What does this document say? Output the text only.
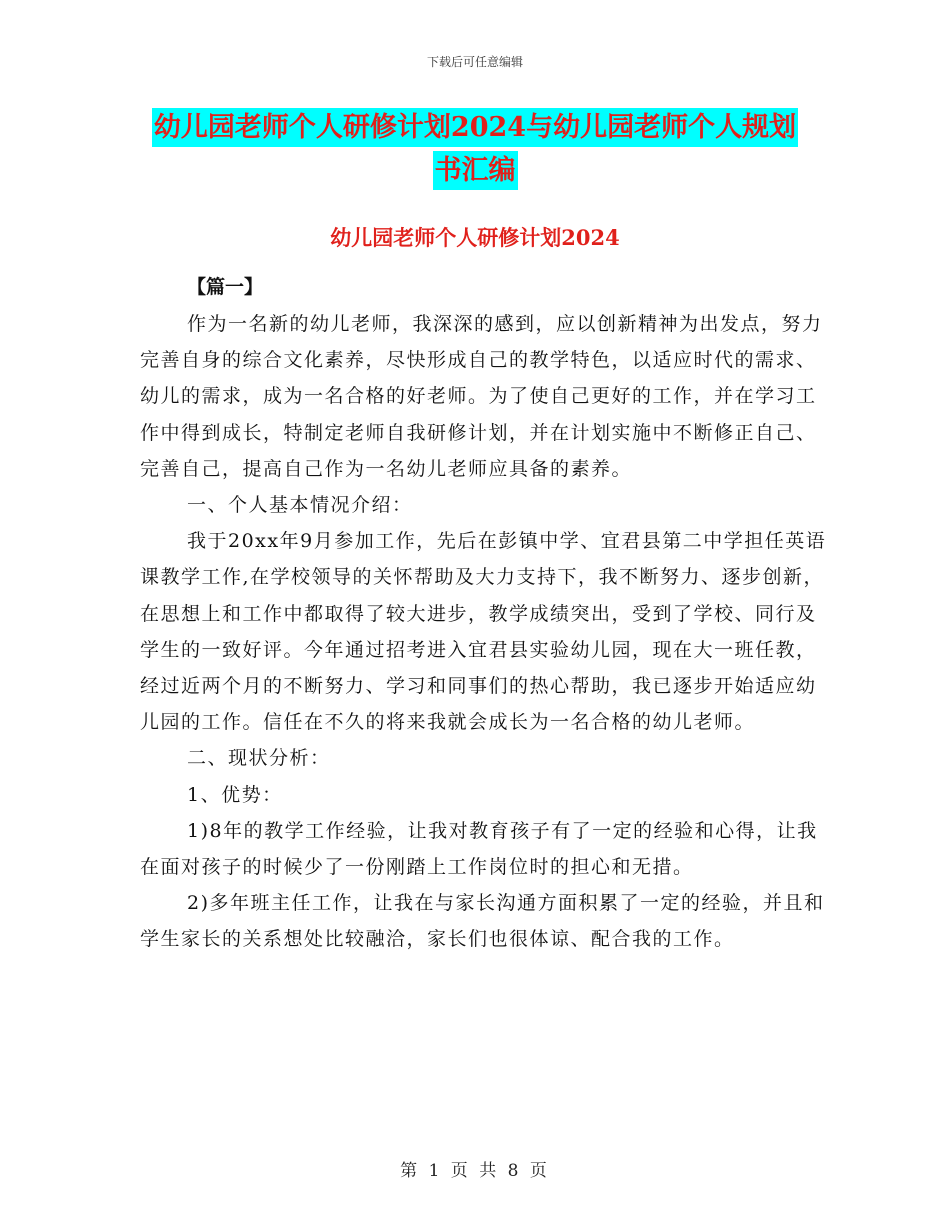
下载后可任意编辑
幼儿园老师个人研修计划2024与幼儿园老师个人规划
书汇编
幼儿园老师个人研修计划2024
【篇一】

作为一名新的幼儿老师，我深深的感到，应以创新精神为出发点，努力完善自身的综合文化素养，尽快形成自己的教学特色，以适应时代的需求、幼儿的需求，成为一名合格的好老师。为了使自己更好的工作，并在学习工作中得到成长，特制定老师自我研修计划，并在计划实施中不断修正自己、完善自己，提高自己作为一名幼儿老师应具备的素养。

一、个人基本情况介绍：

我于20xx年9月参加工作，先后在彭镇中学、宜君县第二中学担任英语课教学工作,在学校领导的关怀帮助及大力支持下，我不断努力、逐步创新，在思想上和工作中都取得了较大进步，教学成绩突出，受到了学校、同行及学生的一致好评。今年通过招考进入宜君县实验幼儿园，现在大一班任教，经过近两个月的不断努力、学习和同事们的热心帮助，我已逐步开始适应幼儿园的工作。信任在不久的将来我就会成长为一名合格的幼儿老师。

二、现状分析：

1、优势：

1)8年的教学工作经验，让我对教育孩子有了一定的经验和心得，让我在面对孩子的时候少了一份刚踏上工作岗位时的担心和无措。

2)多年班主任工作，让我在与家长沟通方面积累了一定的经验，并且和学生家长的关系想处比较融洽，家长们也很体谅、配合我的工作。

第 1 页 共 8 页
